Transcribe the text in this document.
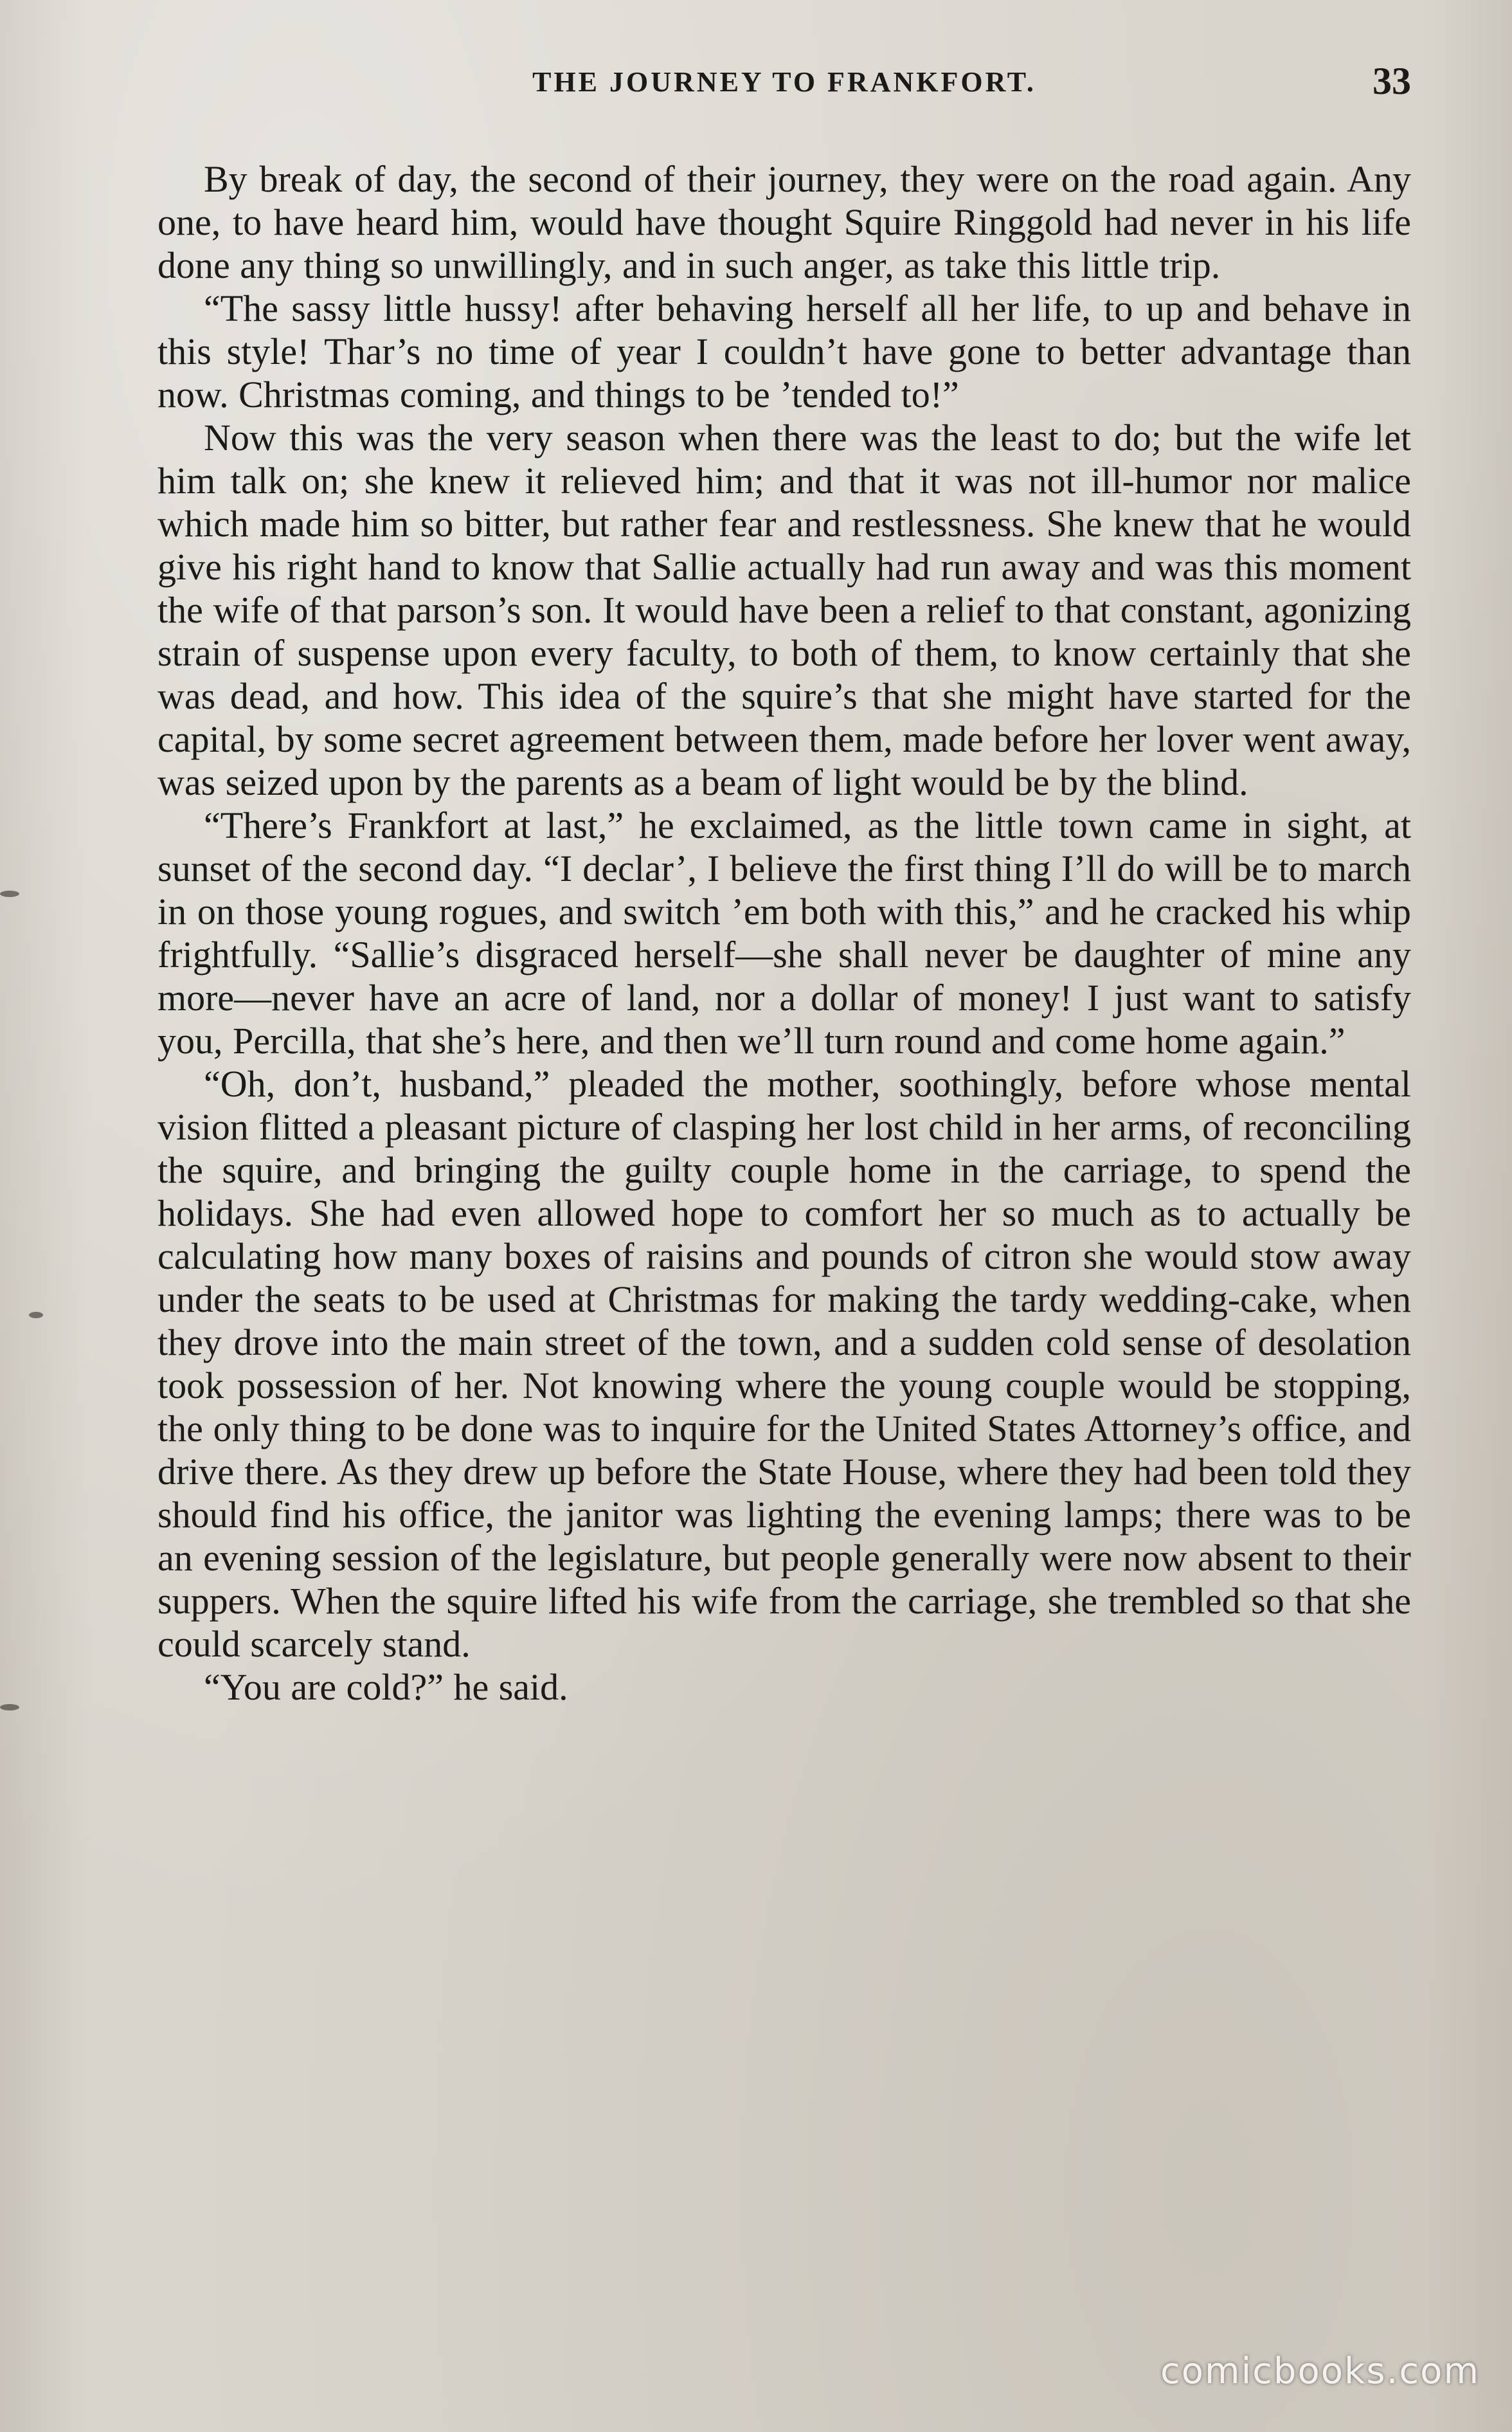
THE JOURNEY TO FRANKFORT.	33

By break of day, the second of their journey, they were on the road again. Any one, to have heard him, would have thought Squire Ringgold had never in his life done any thing so unwillingly, and in such anger, as take this little trip.

“The sassy little hussy! after behaving herself all her life, to up and behave in this style! Thar’s no time of year I couldn’t have gone to better advantage than now. Christmas coming, and things to be ’tended to!”

Now this was the very season when there was the least to do; but the wife let him talk on; she knew it relieved him; and that it was not ill-humor nor malice which made him so bitter, but rather fear and restlessness. She knew that he would give his right hand to know that Sallie actually had run away and was this moment the wife of that parson’s son. It would have been a relief to that constant, agonizing strain of suspense upon every faculty, to both of them, to know certainly that she was dead, and how. This idea of the squire’s that she might have started for the capital, by some secret agreement between them, made before her lover went away, was seized upon by the parents as a beam of light would be by the blind.

“There’s Frankfort at last,” he exclaimed, as the little town came in sight, at sunset of the second day. “I declar’, I believe the first thing I’ll do will be to march in on those young rogues, and switch ’em both with this,” and he cracked his whip frightfully. “Sallie’s disgraced herself—she shall never be daughter of mine any more—never have an acre of land, nor a dollar of money! I just want to satisfy you, Percilla, that she’s here, and then we’ll turn round and come home again.”

“Oh, don’t, husband,” pleaded the mother, soothingly, before whose mental vision flitted a pleasant picture of clasping her lost child in her arms, of reconciling the squire, and bringing the guilty couple home in the carriage, to spend the holidays. She had even allowed hope to comfort her so much as to actually be calculating how many boxes of raisins and pounds of citron she would stow away under the seats to be used at Christmas for making the tardy wedding-cake, when they drove into the main street of the town, and a sudden cold sense of desolation took possession of her. Not knowing where the young couple would be stopping, the only thing to be done was to inquire for the United States Attorney’s office, and drive there. As they drew up before the State House, where they had been told they should find his office, the janitor was lighting the evening lamps; there was to be an evening session of the legislature, but people generally were now absent to their suppers. When the squire lifted his wife from the carriage, she trembled so that she could scarcely stand.

“You are cold?” he said.

comicbooks.com
